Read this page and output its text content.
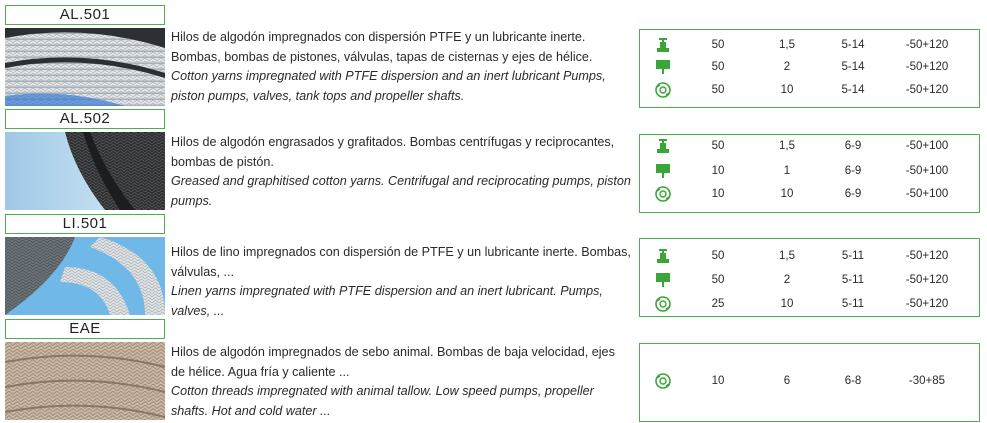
AL.501
Hilos de algodón impregnados con dispersión PTFE y un lubricante inerte. Bombas, bombas de pistones, válvulas, tapas de cisternas y ejes de hélice.
Cotton yarns impregnated with PTFE dispersion and an inert lubricant Pumps, piston pumps, valves, tank tops and propeller shafts.
50	1,5	5-14	-50+120
50	2	5-14	-50+120
50	10	5-14	-50+120
AL.502
Hilos de algodón engrasados y grafitados. Bombas centrífugas y reciprocantes, bombas de pistón.
Greased and graphitised cotton yarns. Centrifugal and reciprocating pumps, piston pumps.
50	1,5	6-9	-50+100
10	1	6-9	-50+100
10	10	6-9	-50+100
LI.501
Hilos de lino impregnados con dispersión de PTFE y un lubricante inerte. Bombas, válvulas, ...
Linen yarns impregnated with PTFE dispersion and an inert lubricant. Pumps, valves, ...
50	1,5	5-11	-50+120
50	2	5-11	-50+120
25	10	5-11	-50+120
EAE
Hilos de algodón impregnados de sebo animal. Bombas de baja velocidad, ejes de hélice. Agua fría y caliente ...
Cotton threads impregnated with animal tallow. Low speed pumps, propeller shafts. Hot and cold water ...
10	6	6-8	-30+85
